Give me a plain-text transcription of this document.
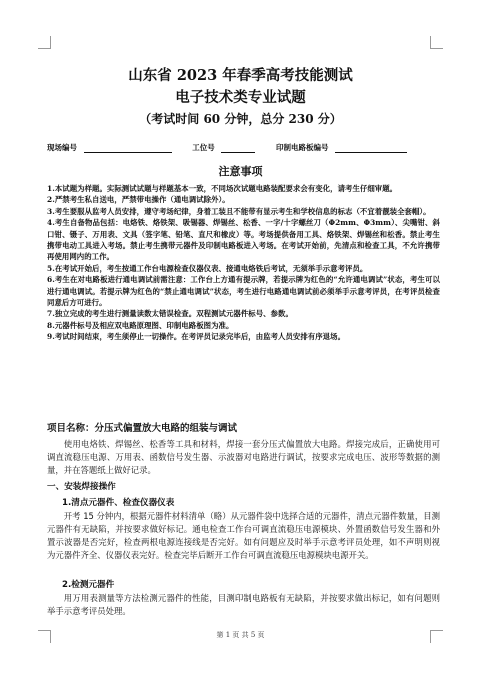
山东省 2023 年春季高考技能测试
电子技术类专业试题
（考试时间 60 分钟，总分 230 分）
现场编号	工位号	印制电路板编号
注意事项

1.本试题为样题。实际测试试题与样题基本一致，不同场次试题电路装配要求会有变化，请考生仔细审题。

2.严禁考生私自送电，严禁带电操作（通电调试除外）。

3.考生要服从监考人员安排，遵守考场纪律，身着工装且不能带有显示考生和学校信息的标志（不宜着靓装全套帽）。

4.考生自备物品包括：电烙铁、烙铁架、吸锡器、焊锡丝、松香、一字/十字螺丝刀（Φ2mm、Φ3mm）、尖嘴钳、斜口钳、镊子、万用表、文具（签字笔、铅笔、直尺和橡皮）等。考场提供备用工具、烙铁架、焊锡丝和松香。禁止考生携带电动工具进入考场。禁止考生携带元器件及印制电路板进入考场。在考试开始前，先清点和检查工具，不允许携带再使用网内的工作。

5.在考试开始后，考生按通工作台电源检查仪器仪表、接通电烙铁后考试，无须举手示意考评员。

6.考生在对电路板进行通电调试前需注意：工作台上方通有提示牌，若提示牌为红色的“允许通电调试”状态，考生可以进行通电调试。若提示牌为红色的“禁止通电调试”状态，考生进行电路通电调试前必须举手示意考评员，在考评员检查同意后方可进行。

7.独立完成的考生进行测量读数太错误检查。双程测试元器件标号、参数。

8.元器件标号及相应双电路原理图、印制电路板图为准。

9.考试时间结束，考生须停止一切操作。在考评员记录完毕后，由监考人员安排有序退场。

项目名称：分压式偏置放大电路的组装与调试

使用电烙铁、焊锡丝、松香等工具和材料，焊接一套分压式偏置放大电路。焊接完成后，正确使用可调直流稳压电源、万用表、函数信号发生器、示波器对电路进行调试，按要求完成电压、波形等数据的测量，并在答题纸上做好记录。

一、安装焊接操作
1.清点元器件、检查仪器仪表

开考 15 分钟内，根据元器件材料清单（略）从元器件袋中选择合适的元器件，清点元器件数量，目测元器件有无缺陷，并按要求做好标记。通电检查工作台可调直流稳压电源模块、外置函数信号发生器和外置示波器是否完好，检查两根电源连接线是否完好。如有问题应及时举手示意考评员处理，如不声明则视为元器件齐全、仪器仪表完好。检查完毕后断开工作台可调直流稳压电源模块电源开关。

2.检测元器件

用万用表测量等方法检测元器件的性能，目测印制电路板有无缺陷，并按要求做出标记，如有问题则举手示意考评员处理。

第 1 页 共 5 页
